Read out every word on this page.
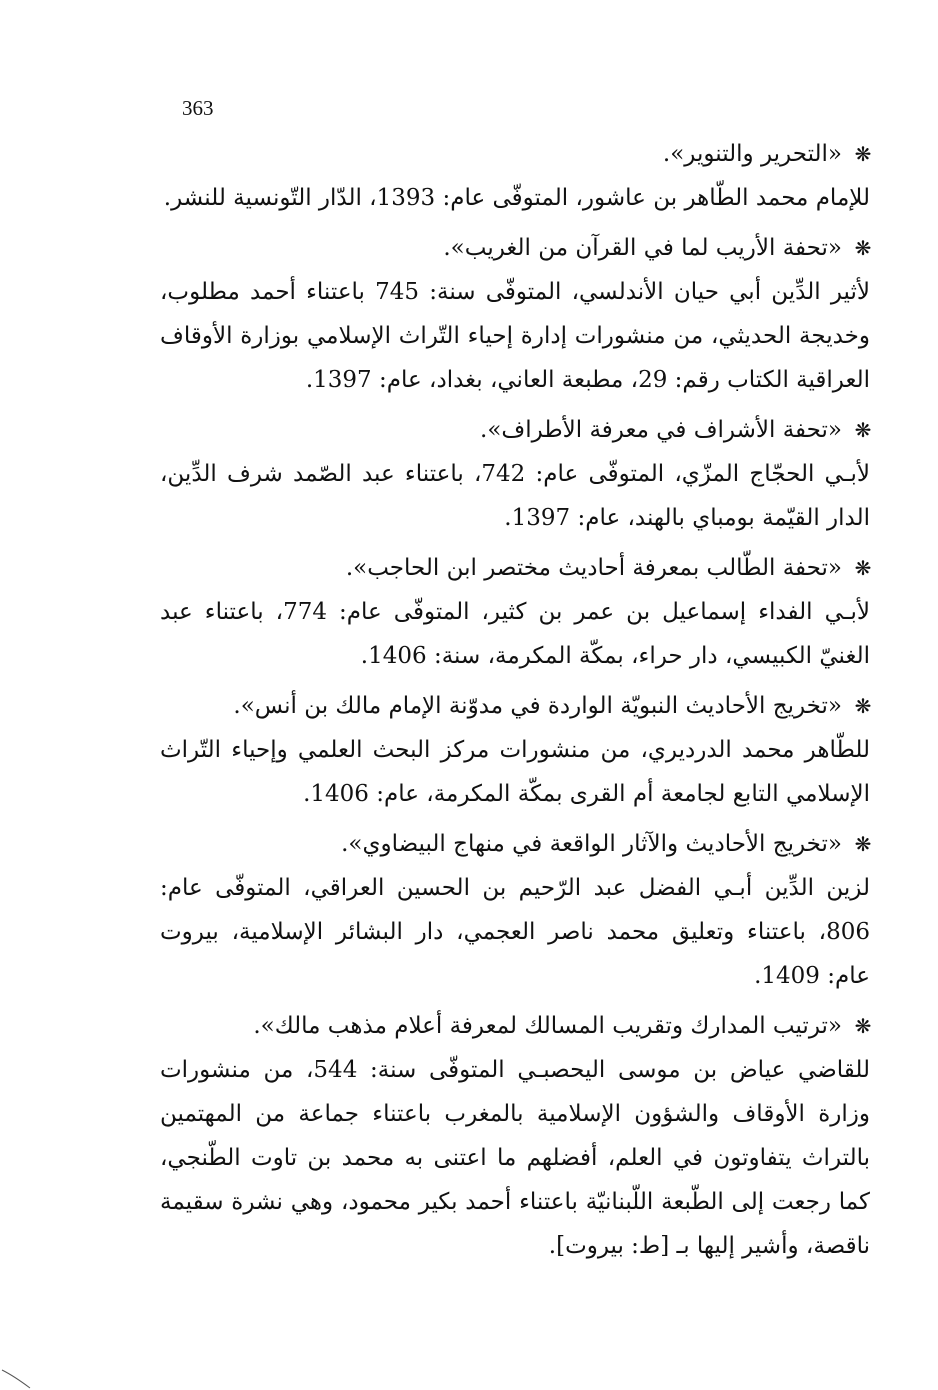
363
❋
«التحرير والتنوير».
للإمام محمد الطّاهر بن عاشور، المتوفّى عام: 1393، الدّار التّونسية للنشر.
❋
«تحفة الأريب لما في القرآن من الغريب».
لأثير الدِّين أبي حيان الأندلسي، المتوفّى سنة: 745 باعتناء أحمد مطلوب، وخديجة الحديثي، من منشورات إدارة إحياء التّراث الإسلامي بوزارة الأوقاف العراقية الكتاب رقم: 29، مطبعة العاني، بغداد، عام: 1397.
❋
«تحفة الأشراف في معرفة الأطراف».
لأبـي الحجّاج المزّي، المتوفّى عام: 742، باعتناء عبد الصّمد شرف الدِّين، الدار القيّمة بومباي بالهند، عام: 1397.
❋
«تحفة الطّالب بمعرفة أحاديث مختصر ابن الحاجب».
لأبـي الفداء إسماعيل بن عمر بن كثير، المتوفّى عام: 774، باعتناء عبد الغنيّ الكبيسي، دار حراء، بمكّة المكرمة، سنة: 1406.
❋
«تخريج الأحاديث النبويّة الواردة في مدوّنة الإمام مالك بن أنس».
للطّاهر محمد الدرديري، من منشورات مركز البحث العلمي وإحياء التّراث الإسلامي التابع لجامعة أم القرى بمكّة المكرمة، عام: 1406.
❋
«تخريج الأحاديث والآثار الواقعة في منهاج البيضاوي».
لزين الدِّين أبـي الفضل عبد الرّحيم بن الحسين العراقي، المتوفّى عام: 806، باعتناء وتعليق محمد ناصر العجمي، دار البشائر الإسلامية، بيروت عام: 1409.
❋
«ترتيب المدارك وتقريب المسالك لمعرفة أعلام مذهب مالك».
للقاضي عياض بن موسى اليحصبـي المتوفّى سنة: 544، من منشورات وزارة الأوقاف والشؤون الإسلامية بالمغرب باعتناء جماعة من المهتمين بالتراث يتفاوتون في العلم، أفضلهم ما اعتنى به محمد بن تاوت الطّنجي، كما رجعت إلى الطّبعة اللّبنانيّة باعتناء أحمد بكير محمود، وهي نشرة سقيمة ناقصة، وأشير إليها بـ [ط: بيروت].
